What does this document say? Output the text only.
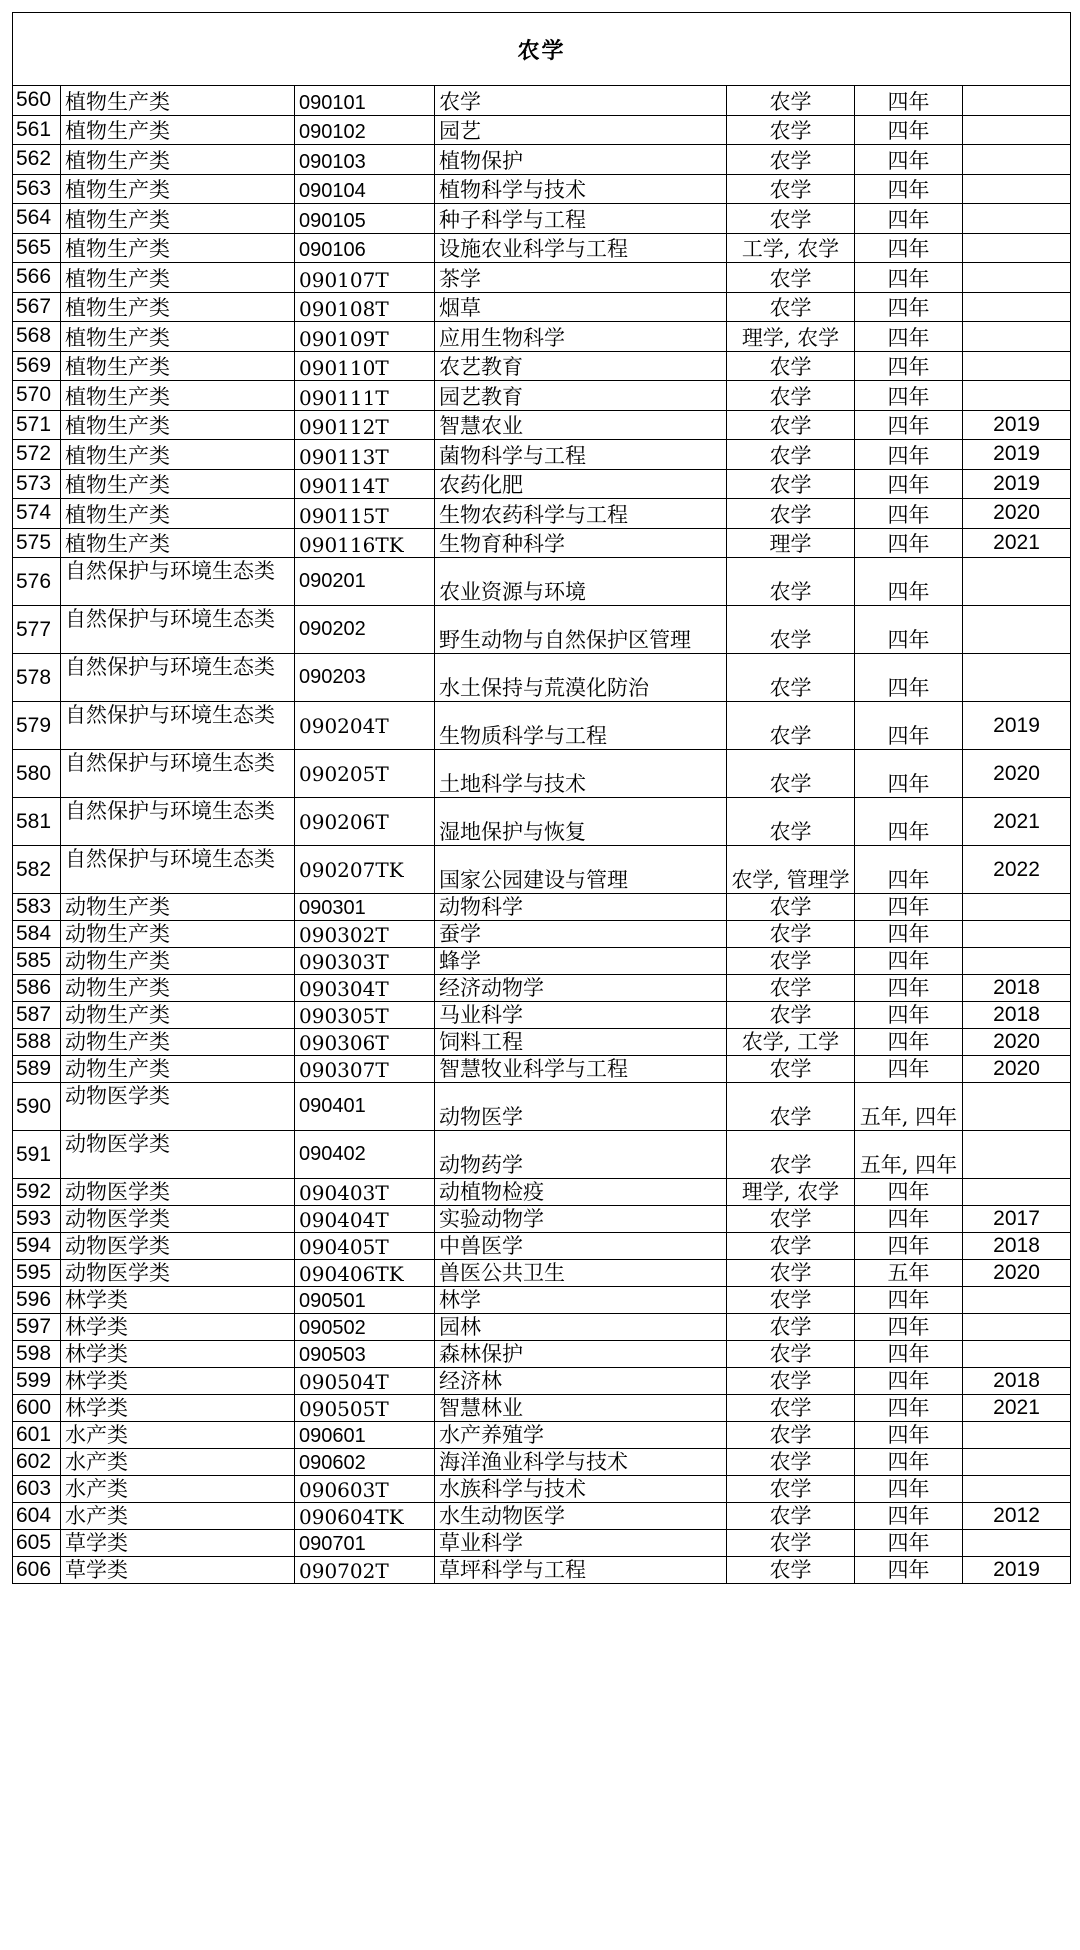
农学						
560	植物生产类	090101	农学	农学	四年	
561	植物生产类	090102	园艺	农学	四年	
562	植物生产类	090103	植物保护	农学	四年	
563	植物生产类	090104	植物科学与技术	农学	四年	
564	植物生产类	090105	种子科学与工程	农学	四年	
565	植物生产类	090106	设施农业科学与工程	工学, 农学	四年	
566	植物生产类	090107T	茶学	农学	四年	
567	植物生产类	090108T	烟草	农学	四年	
568	植物生产类	090109T	应用生物科学	理学, 农学	四年	
569	植物生产类	090110T	农艺教育	农学	四年	
570	植物生产类	090111T	园艺教育	农学	四年	
571	植物生产类	090112T	智慧农业	农学	四年	2019
572	植物生产类	090113T	菌物科学与工程	农学	四年	2019
573	植物生产类	090114T	农药化肥	农学	四年	2019
574	植物生产类	090115T	生物农药科学与工程	农学	四年	2020
575	植物生产类	090116TK	生物育种科学	理学	四年	2021
576	自然保护与环境生态类	090201	农业资源与环境	农学	四年	
577	自然保护与环境生态类	090202	野生动物与自然保护区管理	农学	四年	
578	自然保护与环境生态类	090203	水土保持与荒漠化防治	农学	四年	
579	自然保护与环境生态类	090204T	生物质科学与工程	农学	四年	2019
580	自然保护与环境生态类	090205T	土地科学与技术	农学	四年	2020
581	自然保护与环境生态类	090206T	湿地保护与恢复	农学	四年	2021
582	自然保护与环境生态类	090207TK	国家公园建设与管理	农学, 管理学	四年	2022
583	动物生产类	090301	动物科学	农学	四年	
584	动物生产类	090302T	蚕学	农学	四年	
585	动物生产类	090303T	蜂学	农学	四年	
586	动物生产类	090304T	经济动物学	农学	四年	2018
587	动物生产类	090305T	马业科学	农学	四年	2018
588	动物生产类	090306T	饲料工程	农学, 工学	四年	2020
589	动物生产类	090307T	智慧牧业科学与工程	农学	四年	2020
590	动物医学类	090401	动物医学	农学	五年, 四年	
591	动物医学类	090402	动物药学	农学	五年, 四年	
592	动物医学类	090403T	动植物检疫	理学, 农学	四年	
593	动物医学类	090404T	实验动物学	农学	四年	2017
594	动物医学类	090405T	中兽医学	农学	四年	2018
595	动物医学类	090406TK	兽医公共卫生	农学	五年	2020
596	林学类	090501	林学	农学	四年	
597	林学类	090502	园林	农学	四年	
598	林学类	090503	森林保护	农学	四年	
599	林学类	090504T	经济林	农学	四年	2018
600	林学类	090505T	智慧林业	农学	四年	2021
601	水产类	090601	水产养殖学	农学	四年	
602	水产类	090602	海洋渔业科学与技术	农学	四年	
603	水产类	090603T	水族科学与技术	农学	四年	
604	水产类	090604TK	水生动物医学	农学	四年	2012
605	草学类	090701	草业科学	农学	四年	
606	草学类	090702T	草坪科学与工程	农学	四年	2019
